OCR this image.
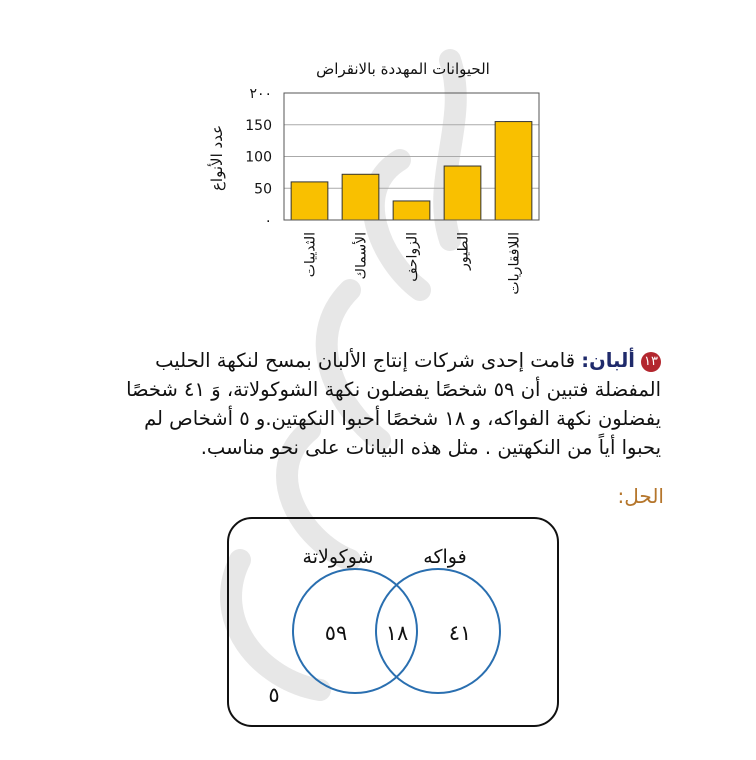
الحيوانات المهددة بالانقراض
عدد الأنواع
٠
50
100
150
٢٠٠
الثدييات	الأسماك	الزواحف	الطيور	اللافقاريات
١٣ألبان: قامت إحدى شركات إنتاج الألبان بمسح لنكهة الحليب المفضلة فتبين أن ٥٩ شخصًا يفضلون نكهة الشوكولاتة، وَ ٤١ شخصًا يفضلون نكهة الفواكه، و ١٨ شخصًا أحبوا النكهتين.و ٥ أشخاص لم يحبوا أياً من النكهتين . مثل هذه البيانات على نحو مناسب.
الحل:
شوكولاتة	فواكه
٥٩ ١٨ ٤١
٥
